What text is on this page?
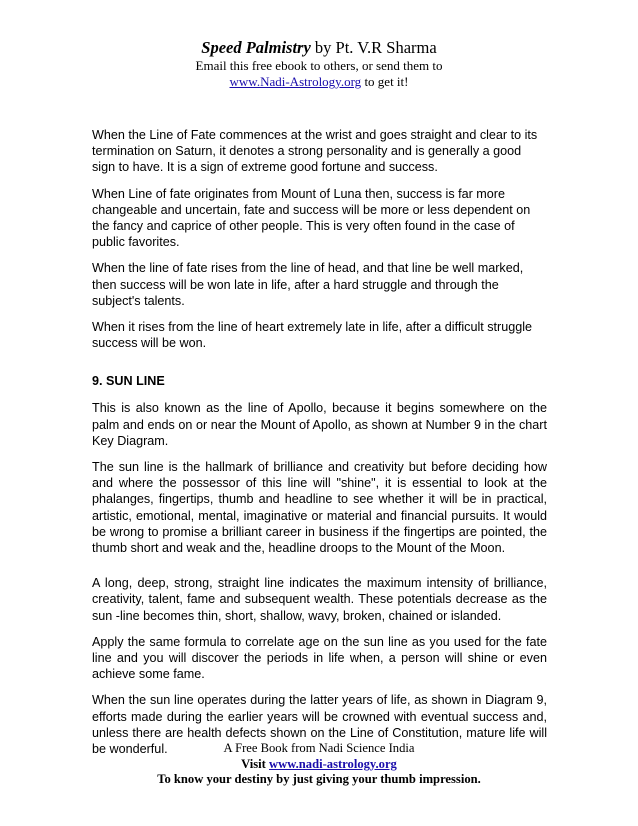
Speed Palmistry by Pt. V.R Sharma
Email this free ebook to others, or send them to
www.Nadi-Astrology.org to get it!

When the Line of Fate commences at the wrist and goes straight and clear to its termination on Saturn, it denotes a strong personality and is generally a good sign to have. It is a sign of extreme good fortune and success.

When Line of fate originates from Mount of Luna then, success is far more changeable and uncertain, fate and success will be more or less dependent on the fancy and caprice of other people. This is very often found in the case of public favorites.

When the line of fate rises from the line of head, and that line be well marked, then success will be won late in life, after a hard struggle and through the subject's talents.

When it rises from the line of heart extremely late in life, after a difficult struggle success will be won.

9. SUN LINE

This is also known as the line of Apollo, because it begins somewhere on the palm and ends on or near the Mount of Apollo, as shown at Number 9 in the chart Key Diagram.

The sun line is the hallmark of brilliance and creativity but before deciding how and where the possessor of this line will "shine", it is essential to look at the phalanges, fingertips, thumb and headline to see whether it will be in practical, artistic, emotional, mental, imaginative or material and financial pursuits. It would be wrong to promise a brilliant career in business if the fingertips are pointed, the thumb short and weak and the, headline droops to the Mount of the Moon.

A long, deep, strong, straight line indicates the maximum intensity of brilliance, creativity, talent, fame and subsequent wealth. These potentials decrease as the sun -line becomes thin, short, shallow, wavy, broken, chained or islanded.

Apply the same formula to correlate age on the sun line as you used for the fate line and you will discover the periods in life when, a person will shine or even achieve some fame.

When the sun line operates during the latter years of life, as shown in Diagram 9, efforts made during the earlier years will be crowned with eventual success and, unless there are health defects shown on the Line of Constitution, mature life will be wonderful.	A Free Book from Nadi Science India
Visit www.nadi-astrology.org
To know your destiny by just giving your thumb impression.
